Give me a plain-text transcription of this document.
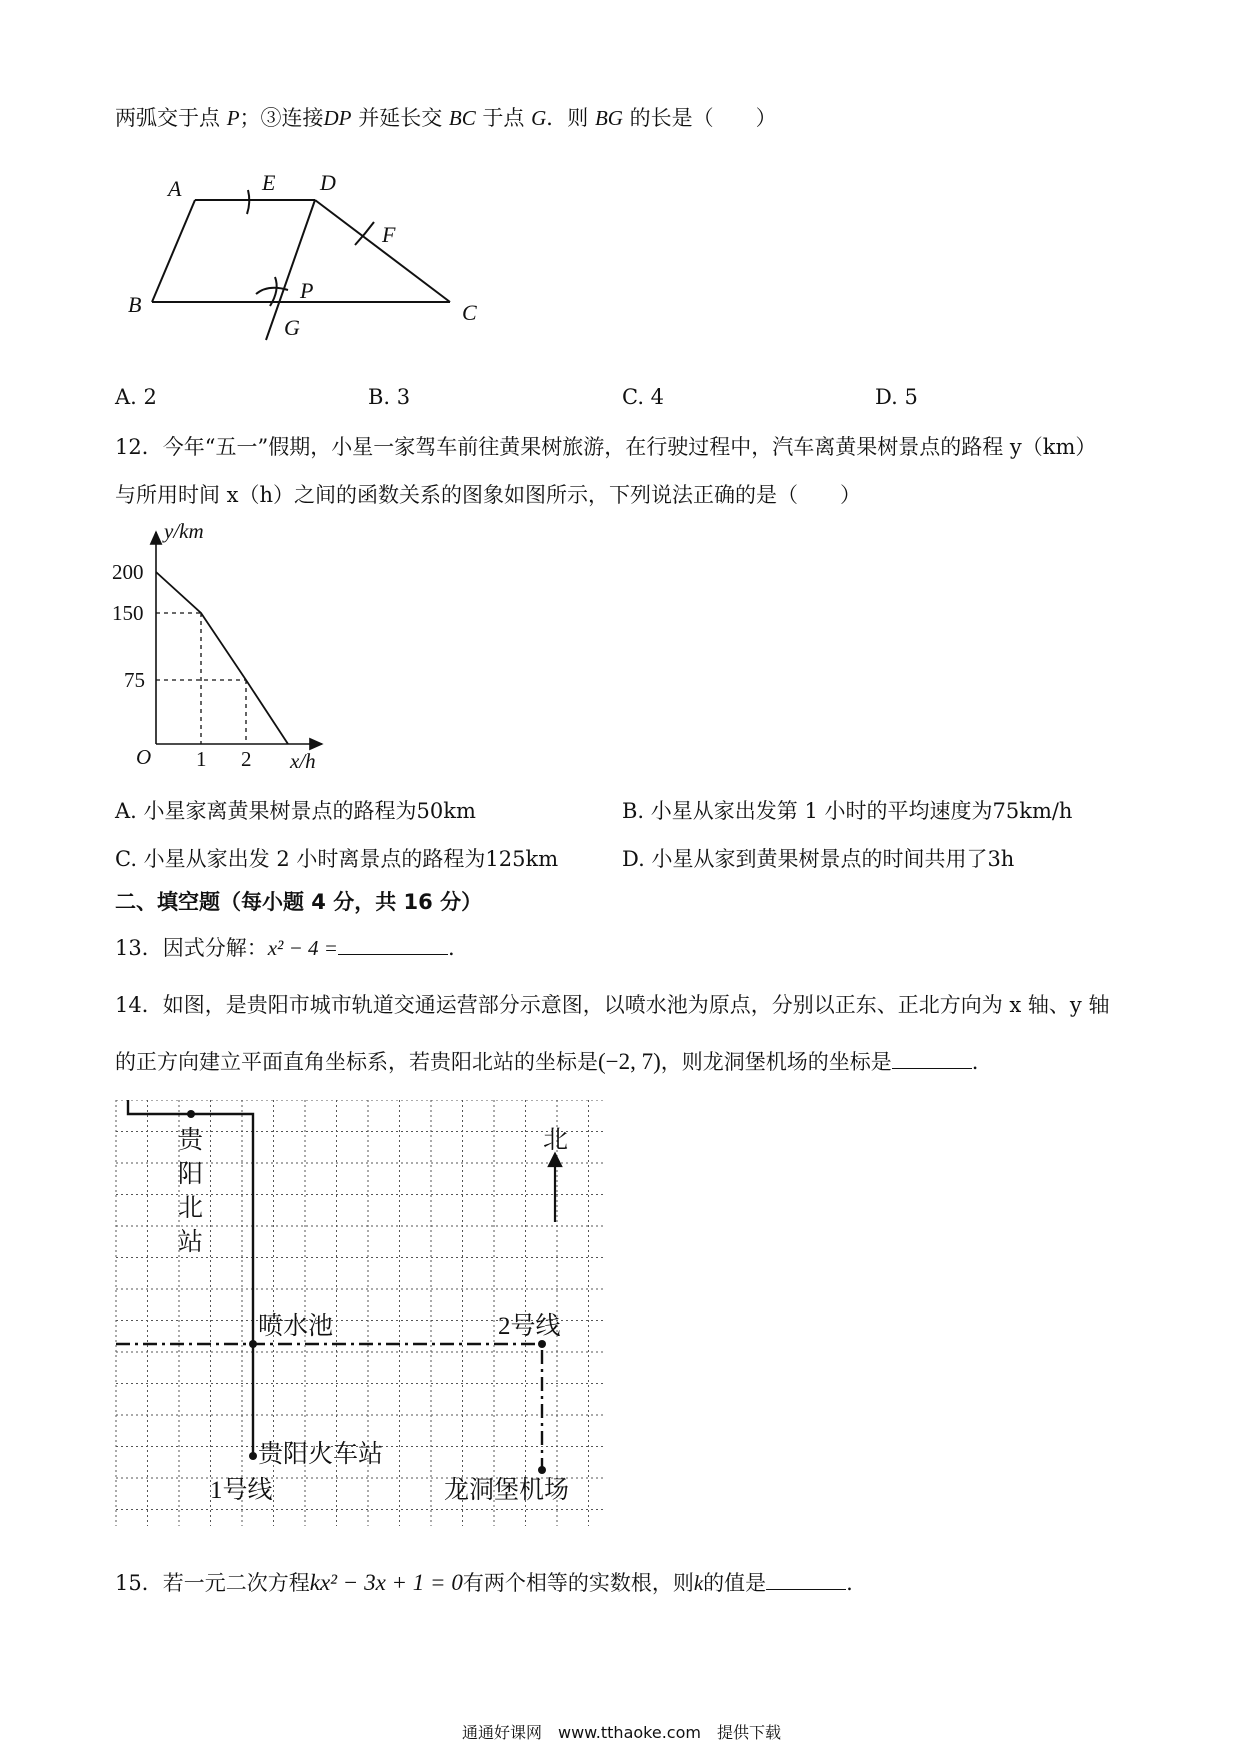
两弧交于点 P；③连接DP 并延长交 BC 于点 G．则 BG 的长是（　　）
A	E D
F
B
P
G
C
A. 2	B. 3	C. 4	D. 5
12．今年“五一”假期，小星一家驾车前往黄果树旅游，在行驶过程中，汽车离黄果树景点的路程 y（km）
与所用时间 x（h）之间的函数关系的图象如图所示，下列说法正确的是（　　）
y/km
200
150
75
O 1 2 x/h
A. 小星家离黄果树景点的路程为50km	B. 小星从家出发第 1 小时的平均速度为75km/h
C. 小星从家出发 2 小时离景点的路程为125km	D. 小星从家到黄果树景点的时间共用了3h
二、填空题（每小题 4 分，共 16 分）
13．因式分解：x² − 4 =	.
14．如图，是贵阳市城市轨道交通运营部分示意图，以喷水池为原点，分别以正东、正北方向为 x 轴、y 轴
的正方向建立平面直角坐标系，若贵阳北站的坐标是(−2, 7)，则龙洞堡机场的坐标是	.
贵
阳
北
站
北
喷水池	2号线
贵阳火车站
1号线	龙洞堡机场
15．若一元二次方程kx² − 3x + 1 = 0有两个相等的实数根，则k的值是	.
通通好课网　www.tthaoke.com　提供下载
